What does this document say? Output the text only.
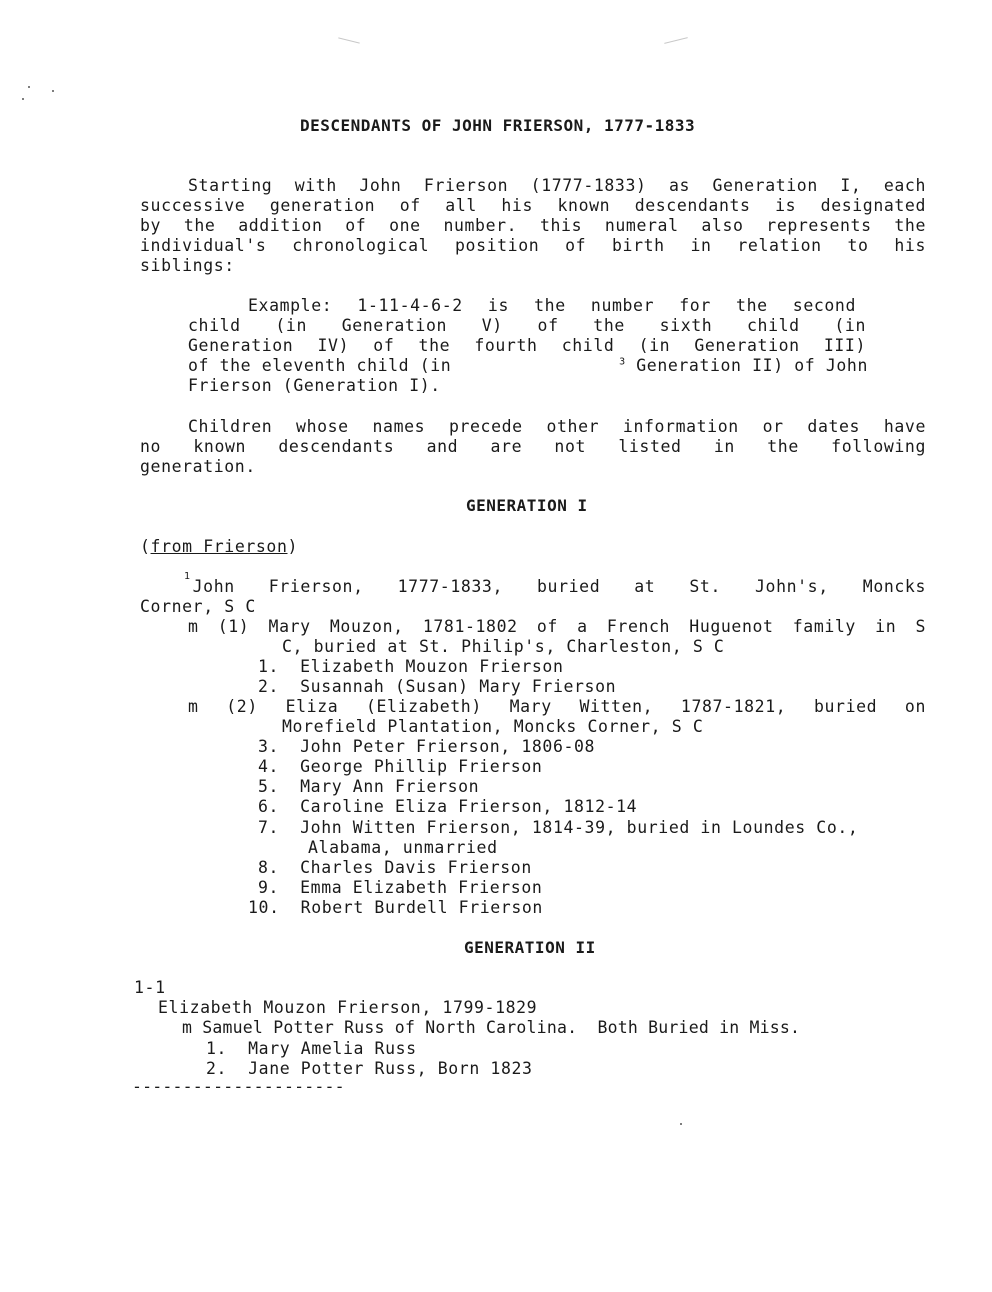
DESCENDANTS OF JOHN FRIERSON, 1777-1833
Starting with John Frierson (1777-1833) as Generation I, each
successive generation of all his known descendants is designated
by the addition of one number. this numeral also represents the
individual's chronological position of birth in relation to his
siblings:
Example: 1-11-4-6-2 is the number for the second
child (in Generation V) of the sixth child (in
Generation IV) of the fourth child (in Generation III)
of the eleventh child (in	$^3$ Generation II) of John
Frierson (Generation I).
Children whose names precede other information or dates have
no known descendants and are not listed in the following
generation.
GENERATION I
(from Frierson)
1
John Frierson, 1777-1833, buried at St. John's, Moncks
Corner, S C
m (1) Mary Mouzon, 1781-1802 of a French Huguenot family in S
C, buried at St. Philip's, Charleston, S C
1.  Elizabeth Mouzon Frierson
2.  Susannah (Susan) Mary Frierson
m (2) Eliza (Elizabeth) Mary Witten, 1787-1821, buried on
Morefield Plantation, Moncks Corner, S C
3.  John Peter Frierson, 1806-08
4.  George Phillip Frierson
5.  Mary Ann Frierson
6.  Caroline Eliza Frierson, 1812-14
7.  John Witten Frierson, 1814-39, buried in Loundes Co.,
Alabama, unmarried
8.  Charles Davis Frierson
9.  Emma Elizabeth Frierson
10.  Robert Burdell Frierson
GENERATION II
1-1
Elizabeth Mouzon Frierson, 1799-1829
m Samuel Potter Russ of North Carolina.  Both Buried in Miss.
1.  Mary Amelia Russ
2.  Jane Potter Russ, Born 1823
---------------------
